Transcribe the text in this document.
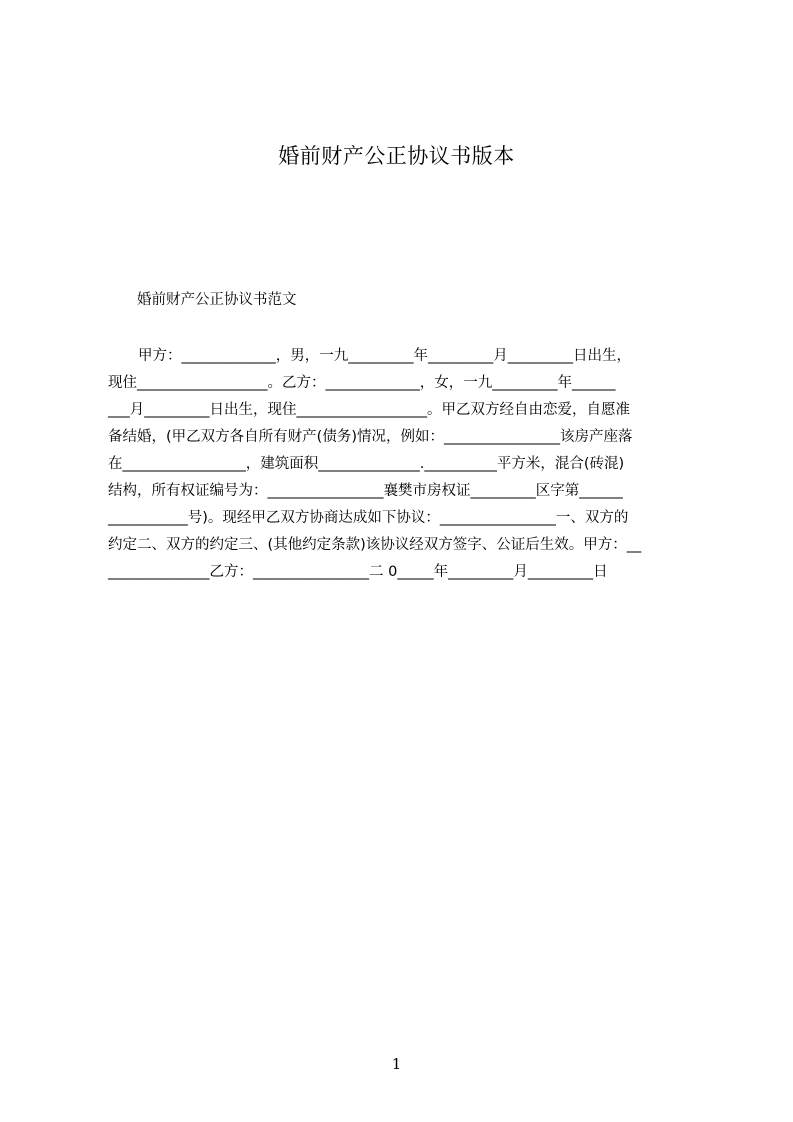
婚前财产公正协议书版本

婚前财产公正协议书范文

甲方：_____________，男，一九_________年_________月_________日出生，

现住__________________。乙方：_____________，女，一九_________年______

___月_________日出生，现住__________________。甲乙双方经自由恋爱，自愿准

备结婚，(甲乙双方各自所有财产(债务)情况，例如：________________该房产座落

在_________________，建筑面积______________.__________平方米，混合(砖混)

结构，所有权证编号为：________________襄樊市房权证_________区字第______

___________号)。现经甲乙双方协商达成如下协议：________________一、双方的

约定二、双方的约定三、(其他约定条款)该协议经双方签字、公证后生效。甲方：__

______________乙方：________________二 0_____年_________月_________日

1
